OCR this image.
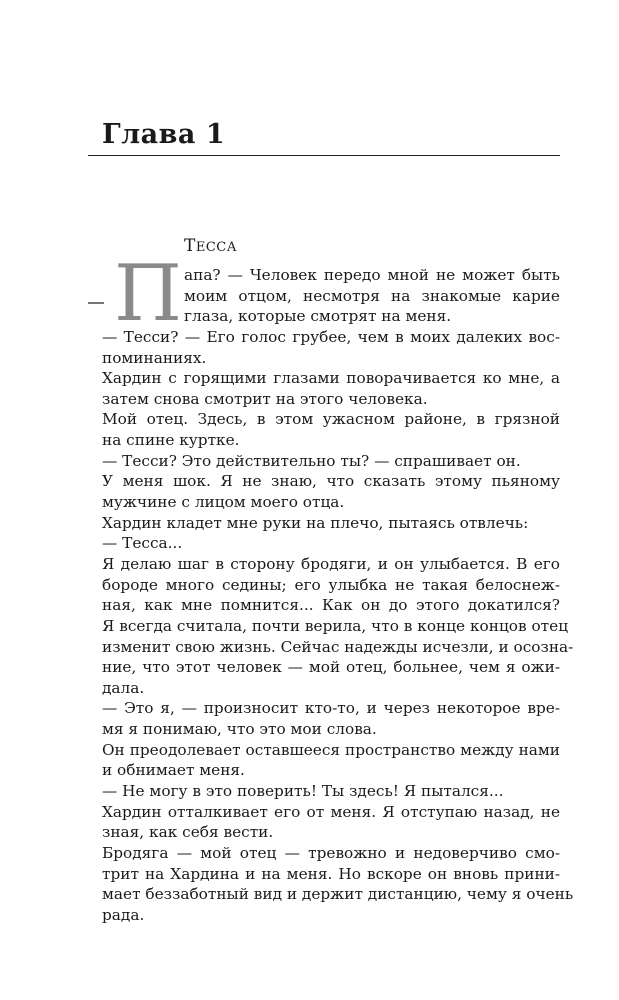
Глава 1
ТЕССА
П апа? — Человек передо мной не может быть
моим отцом, несмотря на знакомые карие
глаза, которые смотрят на меня.
— Тесси? — Его голос грубее, чем в моих далеких вос-
поминаниях.
Хардин с горящими глазами поворачивается ко мне, а
затем снова смотрит на этого человека.
Мой отец. Здесь, в этом ужасном районе, в грязной
на спине куртке.
— Тесси? Это действительно ты? — спрашивает он.
У меня шок. Я не знаю, что сказать этому пьяному
мужчине с лицом моего отца.
Хардин кладет мне руки на плечо, пытаясь отвлечь:
— Тесса...
Я делаю шаг в сторону бродяги, и он улыбается. В его
бороде много седины; его улыбка не такая белоснеж-
ная, как мне помнится... Как он до этого докатился?
Я всегда считала, почти верила, что в конце концов отец
изменит свою жизнь. Сейчас надежды исчезли, и осозна-
ние, что этот человек — мой отец, больнее, чем я ожи-
дала.
— Это я, — произносит кто-то, и через некоторое вре-
мя я понимаю, что это мои слова.
Он преодолевает оставшееся пространство между нами
и обнимает меня.
— Не могу в это поверить! Ты здесь! Я пытался...
Хардин отталкивает его от меня. Я отступаю назад, не
зная, как себя вести.
Бродяга — мой отец — тревожно и недоверчиво смо-
трит на Хардина и на меня. Но вскоре он вновь прини-
мает беззаботный вид и держит дистанцию, чему я очень
рада.
